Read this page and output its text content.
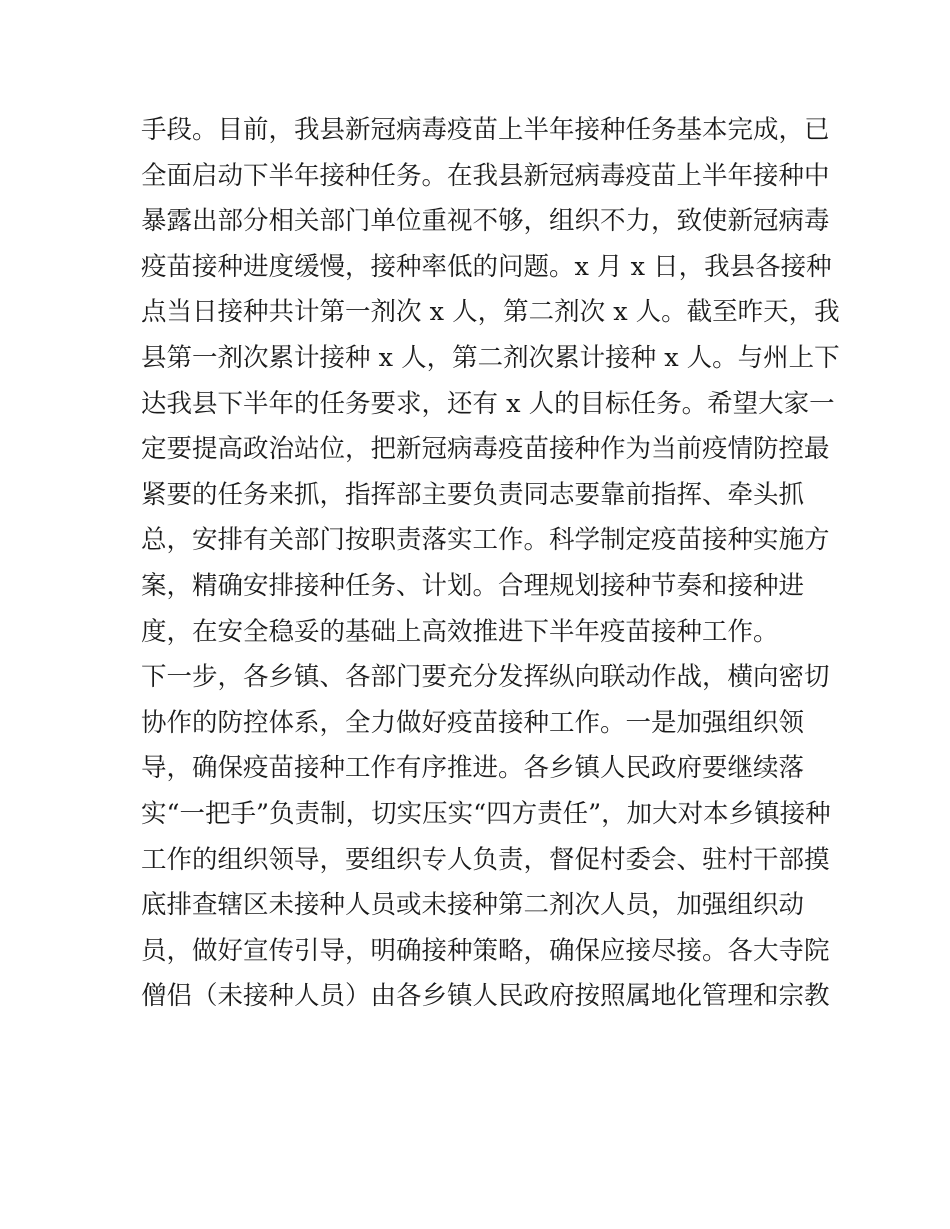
手段。目前，我县新冠病毒疫苗上半年接种任务基本完成，已
全面启动下半年接种任务。在我县新冠病毒疫苗上半年接种中
暴露出部分相关部门单位重视不够，组织不力，致使新冠病毒
疫苗接种进度缓慢，接种率低的问题。x 月 x 日，我县各接种
点当日接种共计第一剂次 x 人，第二剂次 x 人。截至昨天，我
县第一剂次累计接种 x 人，第二剂次累计接种 x 人。与州上下
达我县下半年的任务要求，还有 x 人的目标任务。希望大家一
定要提高政治站位，把新冠病毒疫苗接种作为当前疫情防控最
紧要的任务来抓，指挥部主要负责同志要靠前指挥、牵头抓
总，安排有关部门按职责落实工作。科学制定疫苗接种实施方
案，精确安排接种任务、计划。合理规划接种节奏和接种进
度，在安全稳妥的基础上高效推进下半年疫苗接种工作。
下一步，各乡镇、各部门要充分发挥纵向联动作战，横向密切
协作的防控体系，全力做好疫苗接种工作。一是加强组织领
导，确保疫苗接种工作有序推进。各乡镇人民政府要继续落
实“一把手”负责制，切实压实“四方责任”，加大对本乡镇接种
工作的组织领导，要组织专人负责，督促村委会、驻村干部摸
底排查辖区未接种人员或未接种第二剂次人员，加强组织动
员，做好宣传引导，明确接种策略，确保应接尽接。各大寺院
僧侣（未接种人员）由各乡镇人民政府按照属地化管理和宗教
